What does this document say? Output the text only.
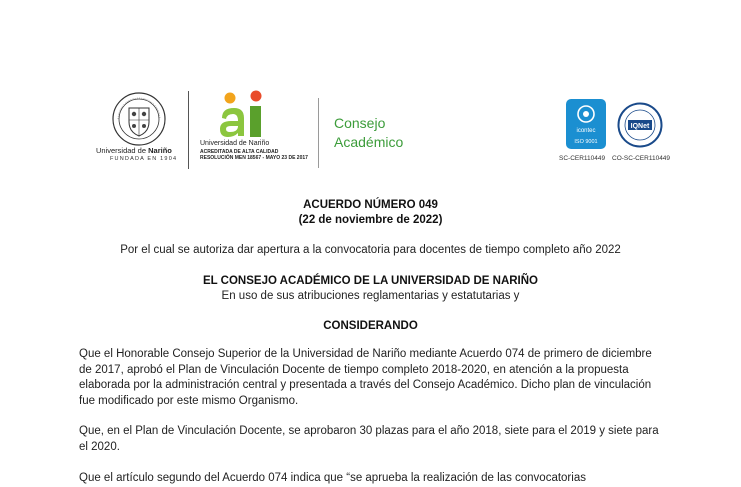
Universidad de Nariño
FUNDADA EN 1904
Universidad de Nariño
ACREDITADA DE ALTA CALIDAD
RESOLUCIÓN MEN 18567 - MAYO 23 DE 2017
Consejo
Académico
icontec
ISO 9001
IQNet
SC-CER110449 CO-SC-CER110449
ACUERDO NÚMERO 049
(22 de noviembre de 2022)
Por el cual se autoriza dar apertura a la convocatoria para docentes de tiempo completo año 2022
EL CONSEJO ACADÉMICO DE LA UNIVERSIDAD DE NARIÑO
En uso de sus atribuciones reglamentarias y estatutarias y
CONSIDERANDO
Que el Honorable Consejo Superior de la Universidad de Nariño mediante Acuerdo 074 de primero de diciembre de 2017, aprobó el Plan de Vinculación Docente de tiempo completo 2018-2020, en atención a la propuesta elaborada por la administración central y presentada a través del Consejo Académico. Dicho plan de vinculación fue modificado por este mismo Organismo.
Que, en el Plan de Vinculación Docente, se aprobaron 30 plazas para el año 2018, siete para el 2019 y siete para el 2020.
Que el artículo segundo del Acuerdo 074 indica que “se aprueba la realización de las convocatorias
